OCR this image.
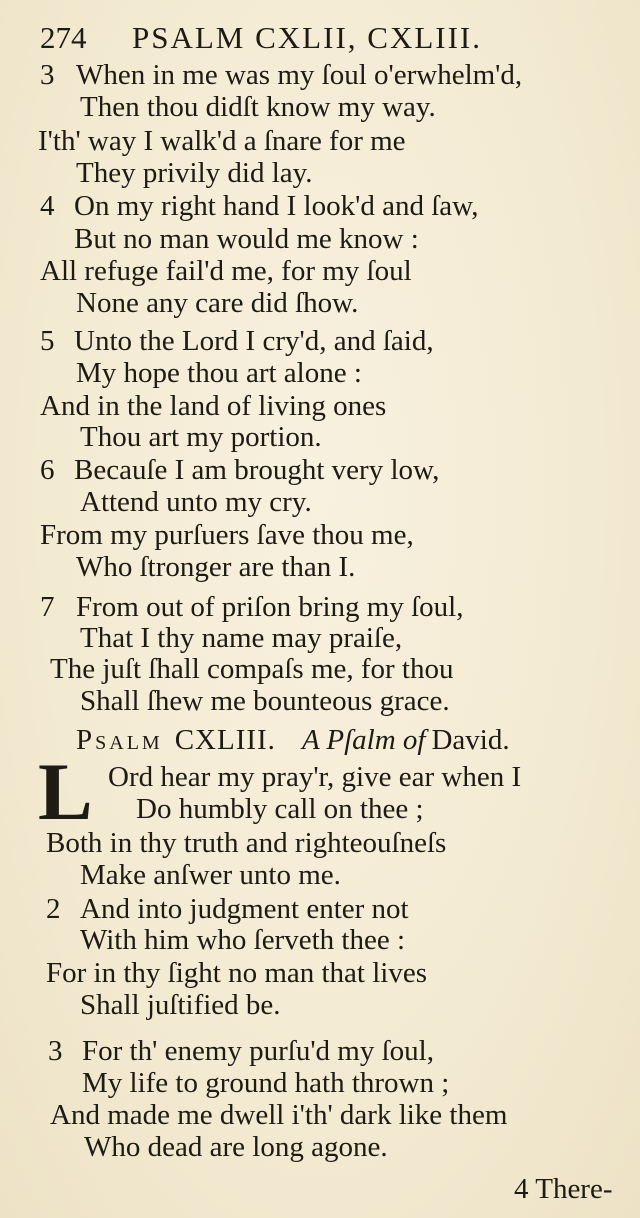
274 PSALM CXLII, CXLIII.
3 When in me was my ſoul o'erwhelm'd,
Then thou didſt know my way.
I'th' way I walk'd a ſnare for me
They privily did lay.
4 On my right hand I look'd and ſaw,
But no man would me know :
All refuge fail'd me, for my ſoul
None any care did ſhow.
5 Unto the Lord I cry'd, and ſaid,
My hope thou art alone :
And in the land of living ones
Thou art my portion.
6 Becauſe I am brought very low,
Attend unto my cry.
From my purſuers ſave thou me,
Who ſtronger are than I.
7 From out of priſon bring my ſoul,
That I thy name may praiſe,
The juſt ſhall compaſs me, for thou
Shall ſhew me bounteous grace.
Psalm CXLIII. A Pſalm of David.
L Ord hear my pray'r, give ear when I
Do humbly call on thee ;
Both in thy truth and righteouſneſs
Make anſwer unto me.
2 And into judgment enter not
With him who ſerveth thee :
For in thy ſight no man that lives
Shall juſtified be.
3 For th' enemy purſu'd my ſoul,
My life to ground hath thrown ;
And made me dwell i'th' dark like them
Who dead are long agone.
4 There-
